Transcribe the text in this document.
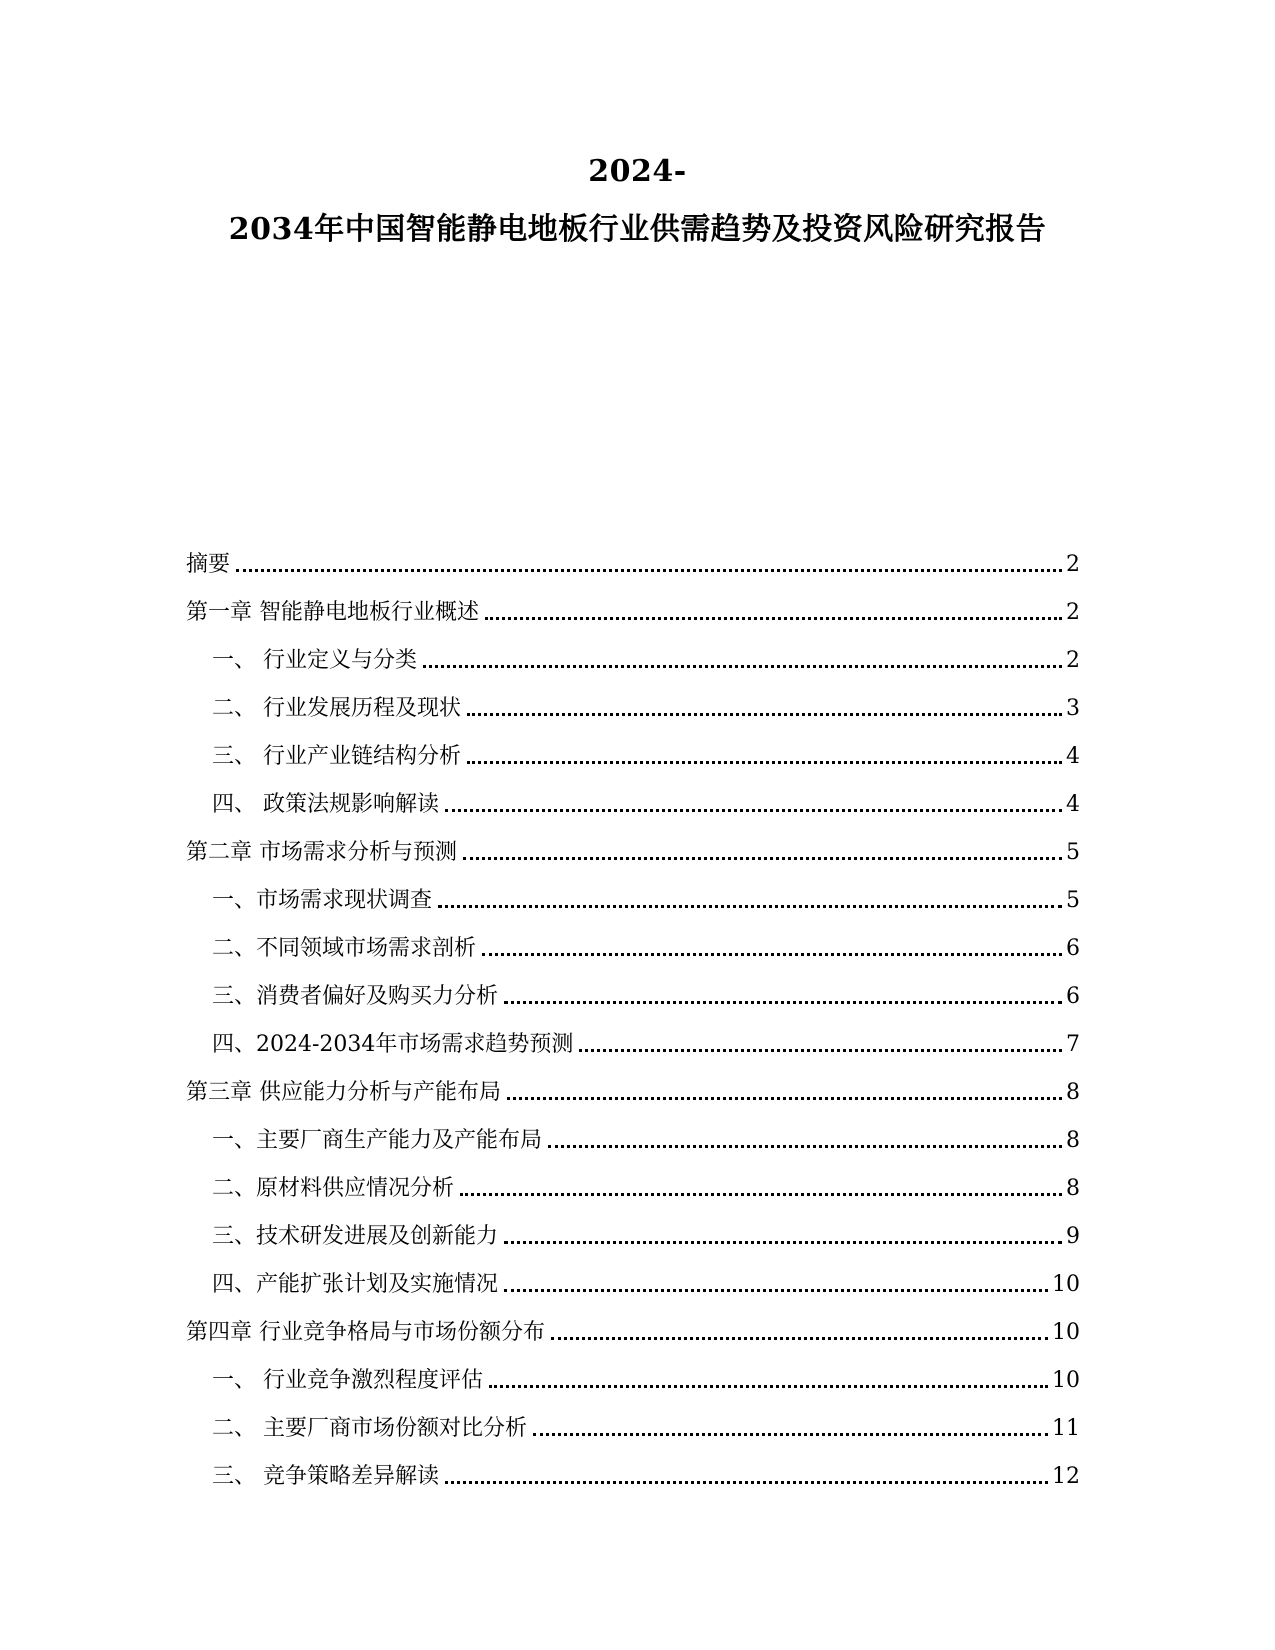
2024-
2034年中国智能静电地板行业供需趋势及投资风险研究报告
摘要	2
第一章 智能静电地板行业概述	2
一、 行业定义与分类	2
二、 行业发展历程及现状	3
三、 行业产业链结构分析	4
四、 政策法规影响解读	4
第二章 市场需求分析与预测	5
一、市场需求现状调查	5
二、不同领域市场需求剖析	6
三、消费者偏好及购买力分析	6
四、2024-2034年市场需求趋势预测	7
第三章 供应能力分析与产能布局	8
一、主要厂商生产能力及产能布局	8
二、原材料供应情况分析	8
三、技术研发进展及创新能力	9
四、产能扩张计划及实施情况	10
第四章 行业竞争格局与市场份额分布	10
一、 行业竞争激烈程度评估	10
二、 主要厂商市场份额对比分析	11
三、 竞争策略差异解读	12
